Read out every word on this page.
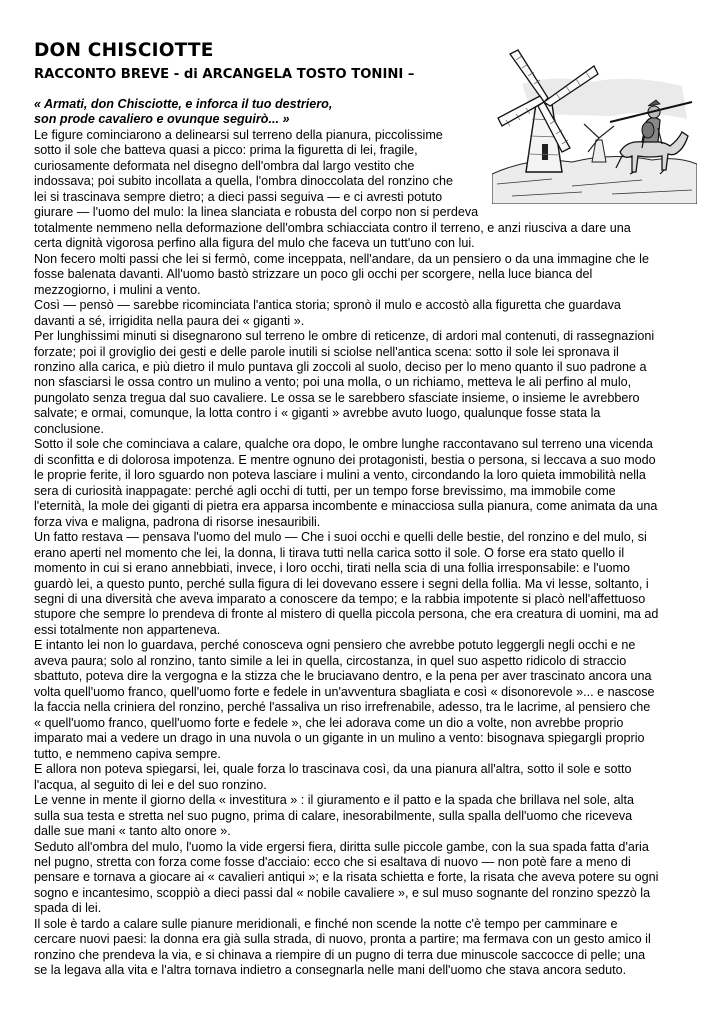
DON CHISCIOTTE
RACCONTO BREVE - di ARCANGELA TOSTO TONINI –
« Armati, don Chisciotte, e inforca il tuo destriero,
son prode cavaliero e ovunque seguirò... »
Le figure cominciarono a delinearsi sul terreno della pianura, piccolissime
sotto il sole che batteva quasi a picco: prima la figuretta di lei, fragile,
curiosamente deformata nel disegno dell'ombra dal largo vestito che
indossava; poi subito incollata a quella, l'ombra dinoccolata del ronzino che
lei si trascinava sempre dietro; a dieci passi seguiva — e ci avresti potuto
giurare — l'uomo del mulo: la linea slanciata e robusta del corpo non si perdeva
totalmente nemmeno nella deformazione dell'ombra schiacciata contro il terreno, e anzi riusciva a dare una
certa dignità vigorosa perfino alla figura del mulo che faceva un tutt'uno con lui.
Non fecero molti passi che lei si fermò, come inceppata, nell'andare, da un pensiero o da una immagine che le
fosse balenata davanti. All'uomo bastò strizzare un poco gli occhi per scorgere, nella luce bianca del
mezzogiorno, i mulini a vento.
Così — pensò — sarebbe ricominciata l'antica storia; spronò il mulo e accostò alla figuretta che guardava
davanti a sé, irrigidita nella paura dei « giganti ».
Per lunghissimi minuti si disegnarono sul terreno le ombre di reticenze, di ardori mal contenuti, di rassegnazioni
forzate; poi il groviglio dei gesti e delle parole inutili si sciolse nell'antica scena: sotto il sole lei spronava il
ronzino alla carica, e più dietro il mulo puntava gli zoccoli al suolo, deciso per lo meno quanto il suo padrone a
non sfasciarsi le ossa contro un mulino a vento; poi una molla, o un richiamo, metteva le ali perfino al mulo,
pungolato senza tregua dal suo cavaliere. Le ossa se le sarebbero sfasciate insieme, o insieme le avrebbero
salvate; e ormai, comunque, la lotta contro i « giganti » avrebbe avuto luogo, qualunque fosse stata la
conclusione.
Sotto il sole che cominciava a calare, qualche ora dopo, le ombre lunghe raccontavano sul terreno una vicenda
di sconfitta e di dolorosa impotenza. E mentre ognuno dei protagonisti, bestia o persona, si leccava a suo modo
le proprie ferite, il loro sguardo non poteva lasciare i mulini a vento, circondando la loro quieta immobilità nella
sera di curiosità inappagate: perché agli occhi di tutti, per un tempo forse brevissimo, ma immobile come
l'eternità, la mole dei giganti di pietra era apparsa incombente e minacciosa sulla pianura, come animata da una
forza viva e maligna, padrona di risorse inesauribili.
Un fatto restava — pensava l'uomo del mulo — Che i suoi occhi e quelli delle bestie, del ronzino e del mulo, si
erano aperti nel momento che lei, la donna, li tirava tutti nella carica sotto il sole. O forse era stato quello il
momento in cui si erano annebbiati, invece, i loro occhi, tirati nella scia di una follia irresponsabile: e l'uomo
guardò lei, a questo punto, perché sulla figura di lei dovevano essere i segni della follia. Ma vi lesse, soltanto, i
segni di una diversità che aveva imparato a conoscere da tempo; e la rabbia impotente si placò nell'affettuoso
stupore che sempre lo prendeva di fronte al mistero di quella piccola persona, che era creatura di uomini, ma ad
essi totalmente non apparteneva.
E intanto lei non lo guardava, perché conosceva ogni pensiero che avrebbe potuto leggergli negli occhi e ne
aveva paura; solo al ronzino, tanto simile a lei in quella, circostanza, in quel suo aspetto ridicolo di straccio
sbattuto, poteva dire la vergogna e la stizza che le bruciavano dentro, e la pena per aver trascinato ancora una
volta quell'uomo franco, quell'uomo forte e fedele in un'avventura sbagliata e così « disonorevole »... e nascose
la faccia nella criniera del ronzino, perché l'assaliva un riso irrefrenabile, adesso, tra le lacrime, al pensiero che
« quell'uomo franco, quell'uomo forte e fedele », che lei adorava come un dio a volte, non avrebbe proprio
imparato mai a vedere un drago in una nuvola o un gigante in un mulino a vento: bisognava spiegargli proprio
tutto, e nemmeno capiva sempre.
E allora non poteva spiegarsi, lei, quale forza lo trascinava così, da una pianura all'altra, sotto il sole e sotto
l'acqua, al seguito di lei e del suo ronzino.
Le venne in mente il giorno della « investitura » : il giuramento e il patto e la spada che brillava nel sole, alta
sulla sua testa e stretta nel suo pugno, prima di calare, inesorabilmente, sulla spalla dell'uomo che riceveva
dalle sue mani « tanto alto onore ».
Seduto all'ombra del mulo, l'uomo la vide ergersi fiera, diritta sulle piccole gambe, con la sua spada fatta d'aria
nel pugno, stretta con forza come fosse d'acciaio: ecco che si esaltava di nuovo — non potè fare a meno di
pensare e tornava a giocare ai « cavalieri antiqui »; e la risata schietta e forte, la risata che aveva potere su ogni
sogno e incantesimo, scoppiò a dieci passi dal « nobile cavaliere », e sul muso sognante del ronzino spezzò la
spada di lei.
Il sole è tardo a calare sulle pianure meridionali, e finché non scende la notte c'è tempo per camminare e
cercare nuovi paesi: la donna era già sulla strada, di nuovo, pronta a partire; ma fermava con un gesto amico il
ronzino che prendeva la via, e si chinava a riempire di un pugno di terra due minuscole saccocce di pelle; una
se la legava alla vita e l'altra tornava indietro a consegnarla nelle mani dell'uomo che stava ancora seduto.
